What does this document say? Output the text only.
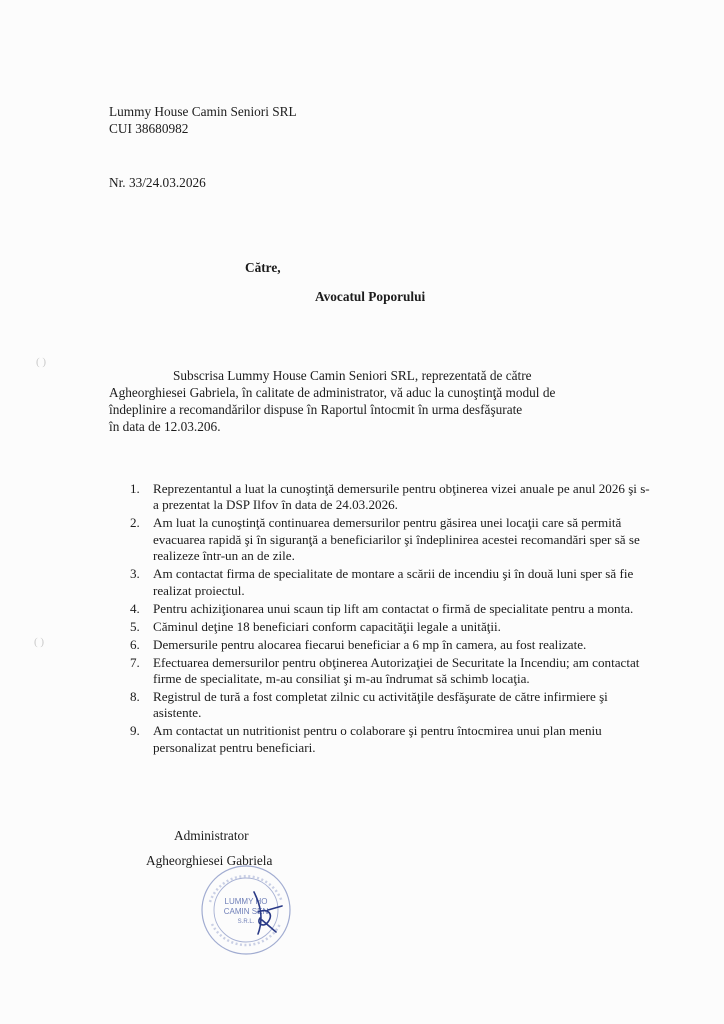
Lummy House Camin Seniori SRL
CUI 38680982
Nr. 33/24.03.2026
Către,
Avocatul Poporului
Subscrisa Lummy House Camin Seniori SRL, reprezentată de către
Agheorghiesei Gabriela, în calitate de administrator, vă aduc la cunoştinţă modul de
îndeplinire a recomandărilor dispuse în Raportul întocmit în urma desfăşurate
în data de 12.03.206.
1. Reprezentantul a luat la cunoştinţă demersurile pentru obţinerea vizei anuale pe anul 2026 şi s-a prezentat la DSP Ilfov în data de 24.03.2026.
2. Am luat la cunoştinţă continuarea demersurilor pentru găsirea unei locaţii care să permită evacuarea rapidă şi în siguranţă a beneficiarilor şi îndeplinirea acestei recomandări sper să se realizeze într-un an de zile.
3. Am contactat firma de specialitate de montare a scării de incendiu şi în două luni sper să fie realizat proiectul.
4. Pentru achiziţionarea unui scaun tip lift am contactat o firmă de specialitate pentru a monta.
5. Căminul deţine 18 beneficiari conform capacităţii legale a unităţii.
6. Demersurile pentru alocarea fiecarui beneficiar a 6 mp în camera, au fost realizate.
7. Efectuarea demersurilor pentru obţinerea Autorizaţiei de Securitate la Incendiu; am contactat firme de specialitate, m-au consiliat şi m-au îndrumat să schimb locaţia.
8. Registrul de tură a fost completat zilnic cu activităţile desfăşurate de către infirmiere şi asistente.
9. Am contactat un nutritionist pentru o colaborare şi pentru întocmirea unui plan meniu personalizat pentru beneficiari.
Administrator
Agheorghiesei Gabriela
LUMMY HO
CAMIN SEN
S.R.L.
( )
( )
